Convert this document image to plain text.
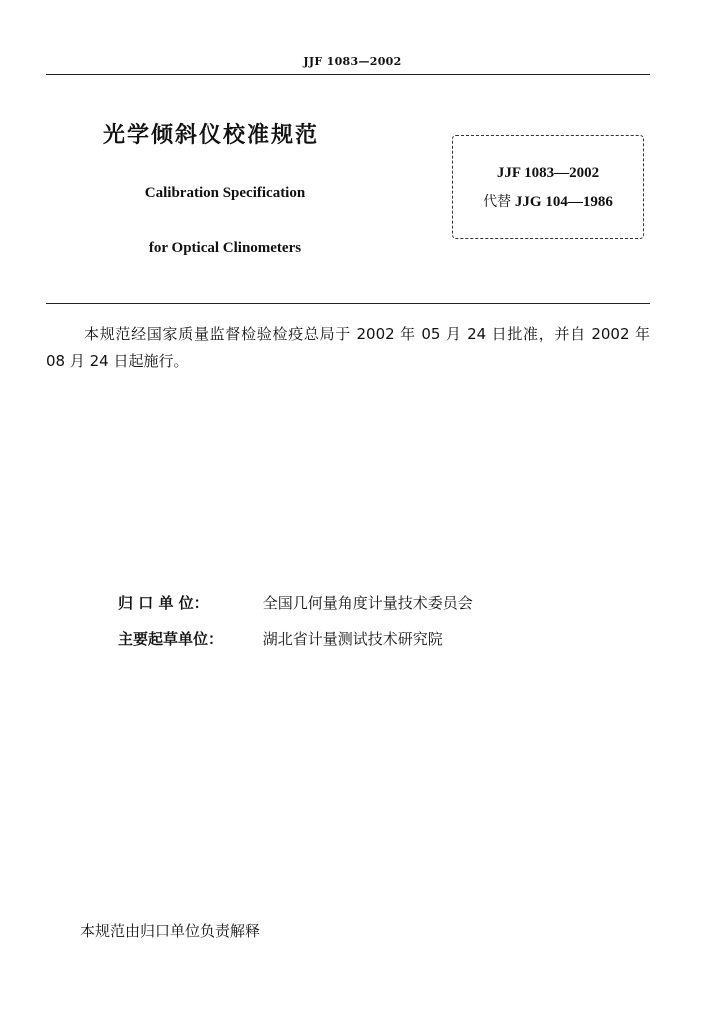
JJF 1083—2002
光学倾斜仪校准规范
Calibration Specification
for Optical Clinometers
JJF 1083—2002
代替 JJG 104—1986
本规范经国家质量监督检验检疫总局于 2002 年 05 月 24 日批准，并自 2002 年 08 月 24 日起施行。
归 口 单 位：	全国几何量角度计量技术委员会
主要起草单位：	湖北省计量测试技术研究院
本规范由归口单位负责解释
